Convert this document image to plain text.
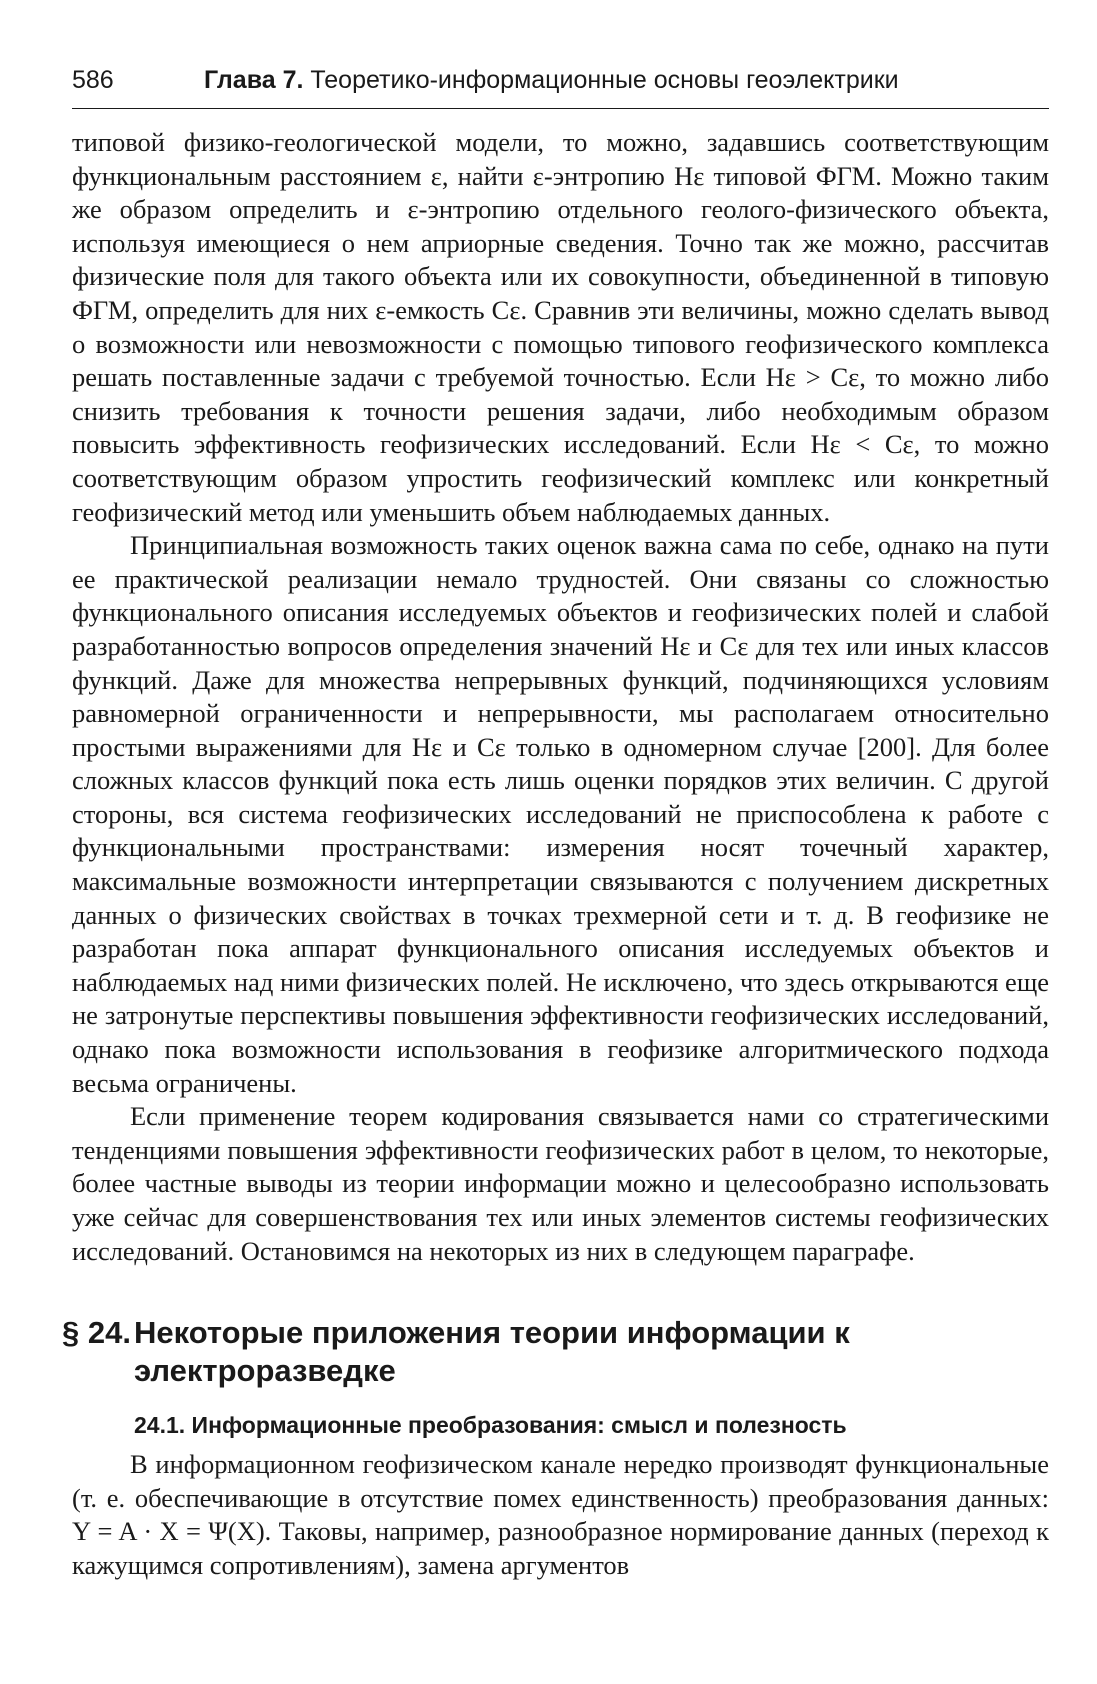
586	Глава 7. Теоретико-информационные основы геоэлектрики

типовой физико-геологической модели, то можно, задавшись соответствующим функциональным расстоянием ε, найти ε-энтропию Hε типовой ФГМ. Можно таким же образом определить и ε-энтропию отдельного геолого-физического объекта, используя имеющиеся о нем априорные сведения. Точно так же можно, рассчитав физические поля для такого объекта или их совокупности, объединенной в типовую ФГМ, определить для них ε-емкость Cε. Сравнив эти величины, можно сделать вывод о возможности или невозможности с помощью типового геофизического комплекса решать поставленные задачи с требуемой точностью. Если Hε > Cε, то можно либо снизить требования к точности решения задачи, либо необходимым образом повысить эффективность геофизических исследований. Если Hε < Cε, то можно соответствующим образом упростить геофизический комплекс или конкретный геофизический метод или уменьшить объем наблюдаемых данных.

Принципиальная возможность таких оценок важна сама по себе, однако на пути ее практической реализации немало трудностей. Они связаны со сложностью функционального описания исследуемых объектов и геофизических полей и слабой разработанностью вопросов определения значений Hε и Cε для тех или иных классов функций. Даже для множества непрерывных функций, подчиняющихся условиям равномерной ограниченности и непрерывности, мы располагаем относительно простыми выражениями для Hε и Cε только в одномерном случае [200]. Для более сложных классов функций пока есть лишь оценки порядков этих величин. С другой стороны, вся система геофизических исследований не приспособлена к работе с функциональными пространствами: измерения носят точечный характер, максимальные возможности интерпретации связываются с получением дискретных данных о физических свойствах в точках трехмерной сети и т. д. В геофизике не разработан пока аппарат функционального описания исследуемых объектов и наблюдаемых над ними физических полей. Не исключено, что здесь открываются еще не затронутые перспективы повышения эффективности геофизических исследований, однако пока возможности использования в геофизике алгоритмического подхода весьма ограничены.

Если применение теорем кодирования связывается нами со стратегическими тенденциями повышения эффективности геофизических работ в целом, то некоторые, более частные выводы из теории информации можно и целесообразно использовать уже сейчас для совершенствования тех или иных элементов системы геофизических исследований. Остановимся на некоторых из них в следующем параграфе.

§ 24.Некоторые приложения теории информации к электроразведке
24.1. Информационные преобразования: смысл и полезность

В информационном геофизическом канале нередко производят функциональные (т. е. обеспечивающие в отсутствие помех единственность) преобразования данных: Y = A · X = Ψ(X). Таковы, например, разнообразное нормирование данных (переход к кажущимся сопротивлениям), замена аргументов
